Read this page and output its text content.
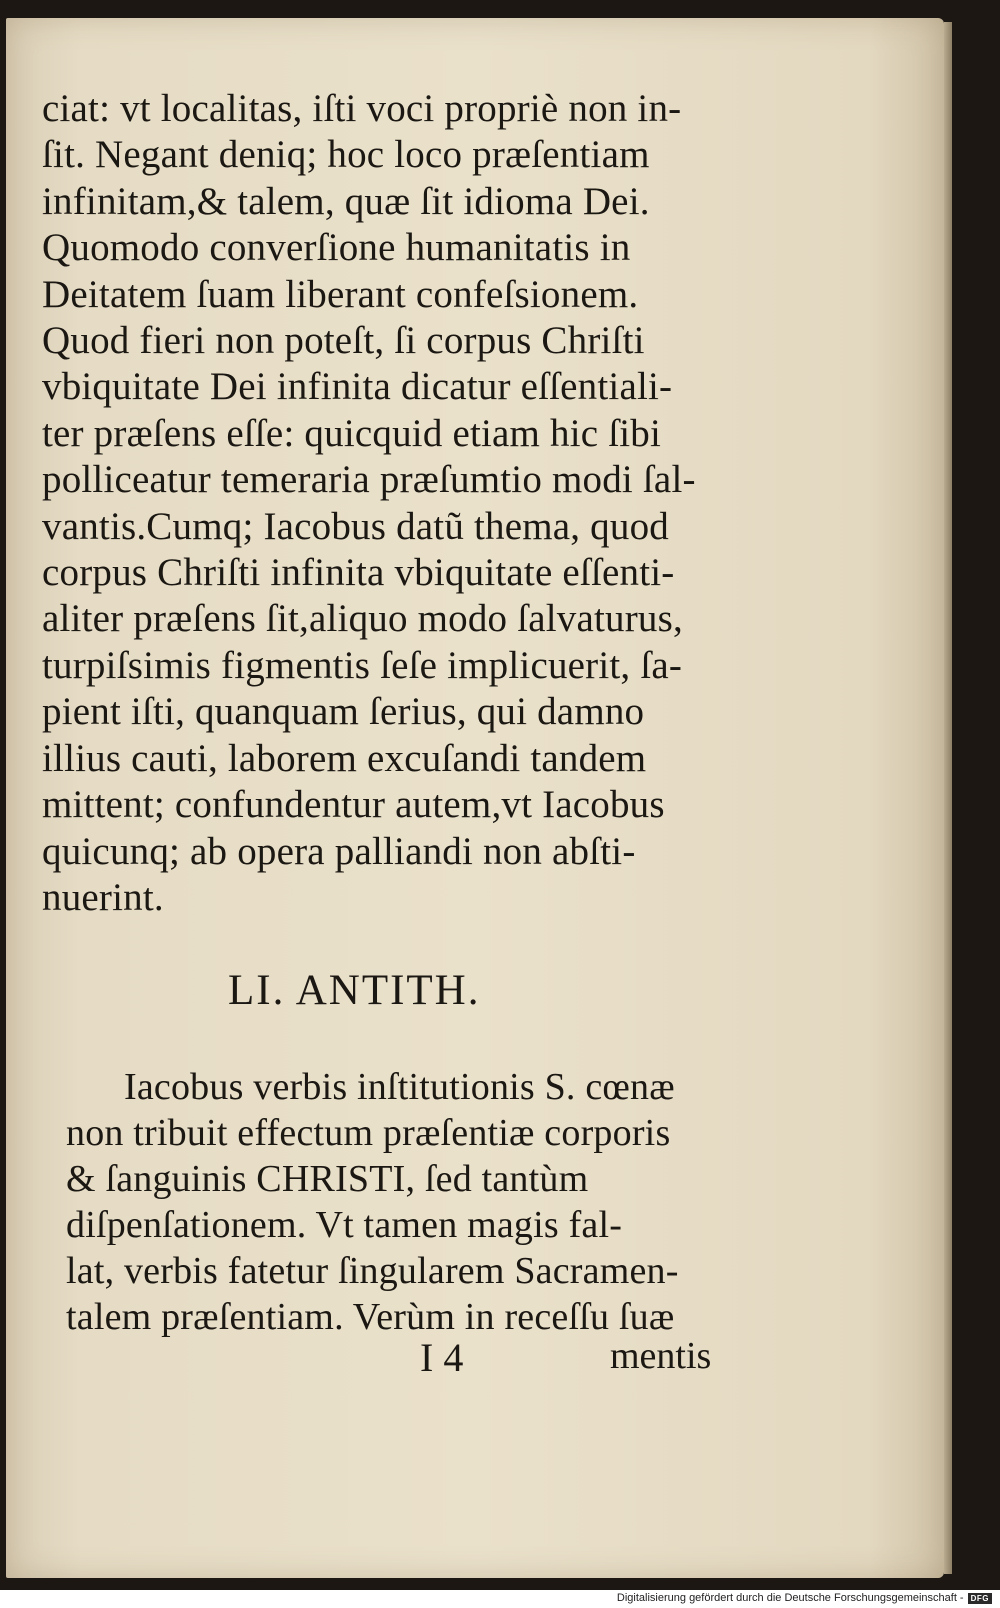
ciat: vt localitas, iſti voci propriè non in-
ſit. Negant deniq; hoc loco præſentiam
infinitam,& talem, quæ ſit idioma Dei.
Quomodo converſione humanitatis in
Deitatem ſuam liberant confeſsionem.
Quod fieri non poteſt, ſi corpus Chriſti
vbiquitate Dei infinita dicatur eſſentiali-
ter præſens eſſe: quicquid etiam hic ſibi
polliceatur temeraria præſumtio modi ſal-
vantis.Cumq; Iacobus datũ thema, quod
corpus Chriſti infinita vbiquitate eſſenti-
aliter præſens ſit,aliquo modo ſalvaturus,
turpiſsimis figmentis ſeſe implicuerit, ſa-
pient iſti, quanquam ſerius, qui damno
illius cauti, laborem excuſandi tandem
mittent; confundentur autem,vt Iacobus
quicunq; ab opera palliandi non abſti-
nuerint.
LI. ANTITH.
Iacobus verbis inſtitutionis S. cœnæ
non tribuit effectum præſentiæ corporis
& ſanguinis CHRISTI, ſed tantùm
diſpenſationem. Vt tamen magis fal-
lat, verbis fatetur ſingularem Sacramen-
talem præſentiam. Verùm in receſſu ſuæ
I 4	mentis
Digitalisierung gefördert durch die Deutsche Forschungsgemeinschaft - DFG
